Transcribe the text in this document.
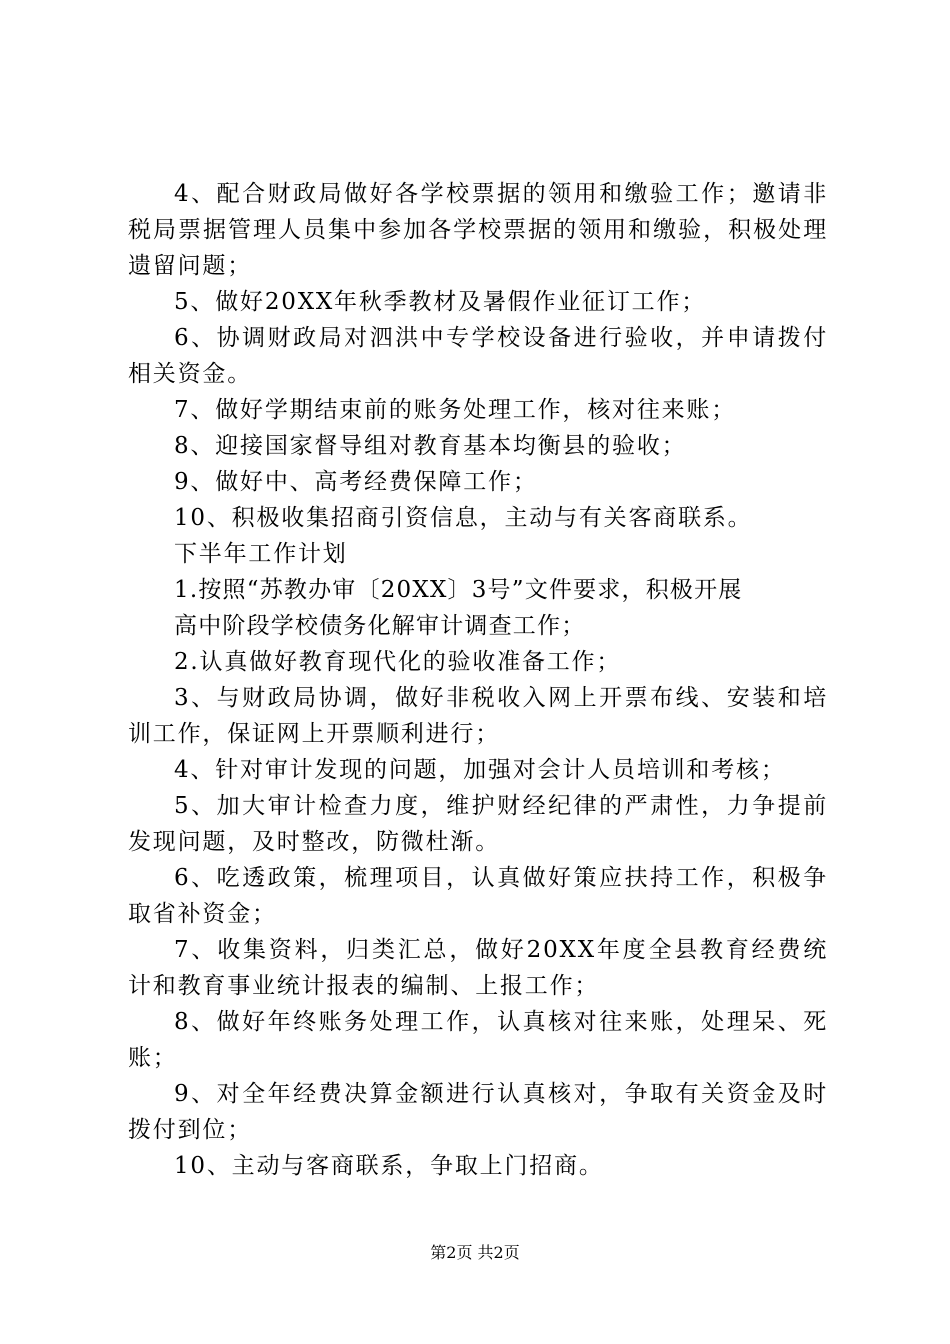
4、配合财政局做好各学校票据的领用和缴验工作；邀请非税局票据管理人员集中参加各学校票据的领用和缴验，积极处理遗留问题；

5、做好20XX年秋季教材及暑假作业征订工作；

6、协调财政局对泗洪中专学校设备进行验收，并申请拨付相关资金。

7、做好学期结束前的账务处理工作，核对往来账；

8、迎接国家督导组对教育基本均衡县的验收；

9、做好中、高考经费保障工作；

10、积极收集招商引资信息，主动与有关客商联系。

下半年工作计划

1.按照“苏教办审〔20XX〕3号”文件要求，积极开展

高中阶段学校债务化解审计调查工作；

2.认真做好教育现代化的验收准备工作；

3、与财政局协调，做好非税收入网上开票布线、安装和培训工作，保证网上开票顺利进行；

4、针对审计发现的问题，加强对会计人员培训和考核；

5、加大审计检查力度，维护财经纪律的严肃性，力争提前发现问题，及时整改，防微杜渐。

6、吃透政策，梳理项目，认真做好策应扶持工作，积极争取省补资金；

7、收集资料，归类汇总，做好20XX年度全县教育经费统计和教育事业统计报表的编制、上报工作；

8、做好年终账务处理工作，认真核对往来账，处理呆、死账；

9、对全年经费决算金额进行认真核对，争取有关资金及时拨付到位；

10、主动与客商联系，争取上门招商。

第2页 共2页
